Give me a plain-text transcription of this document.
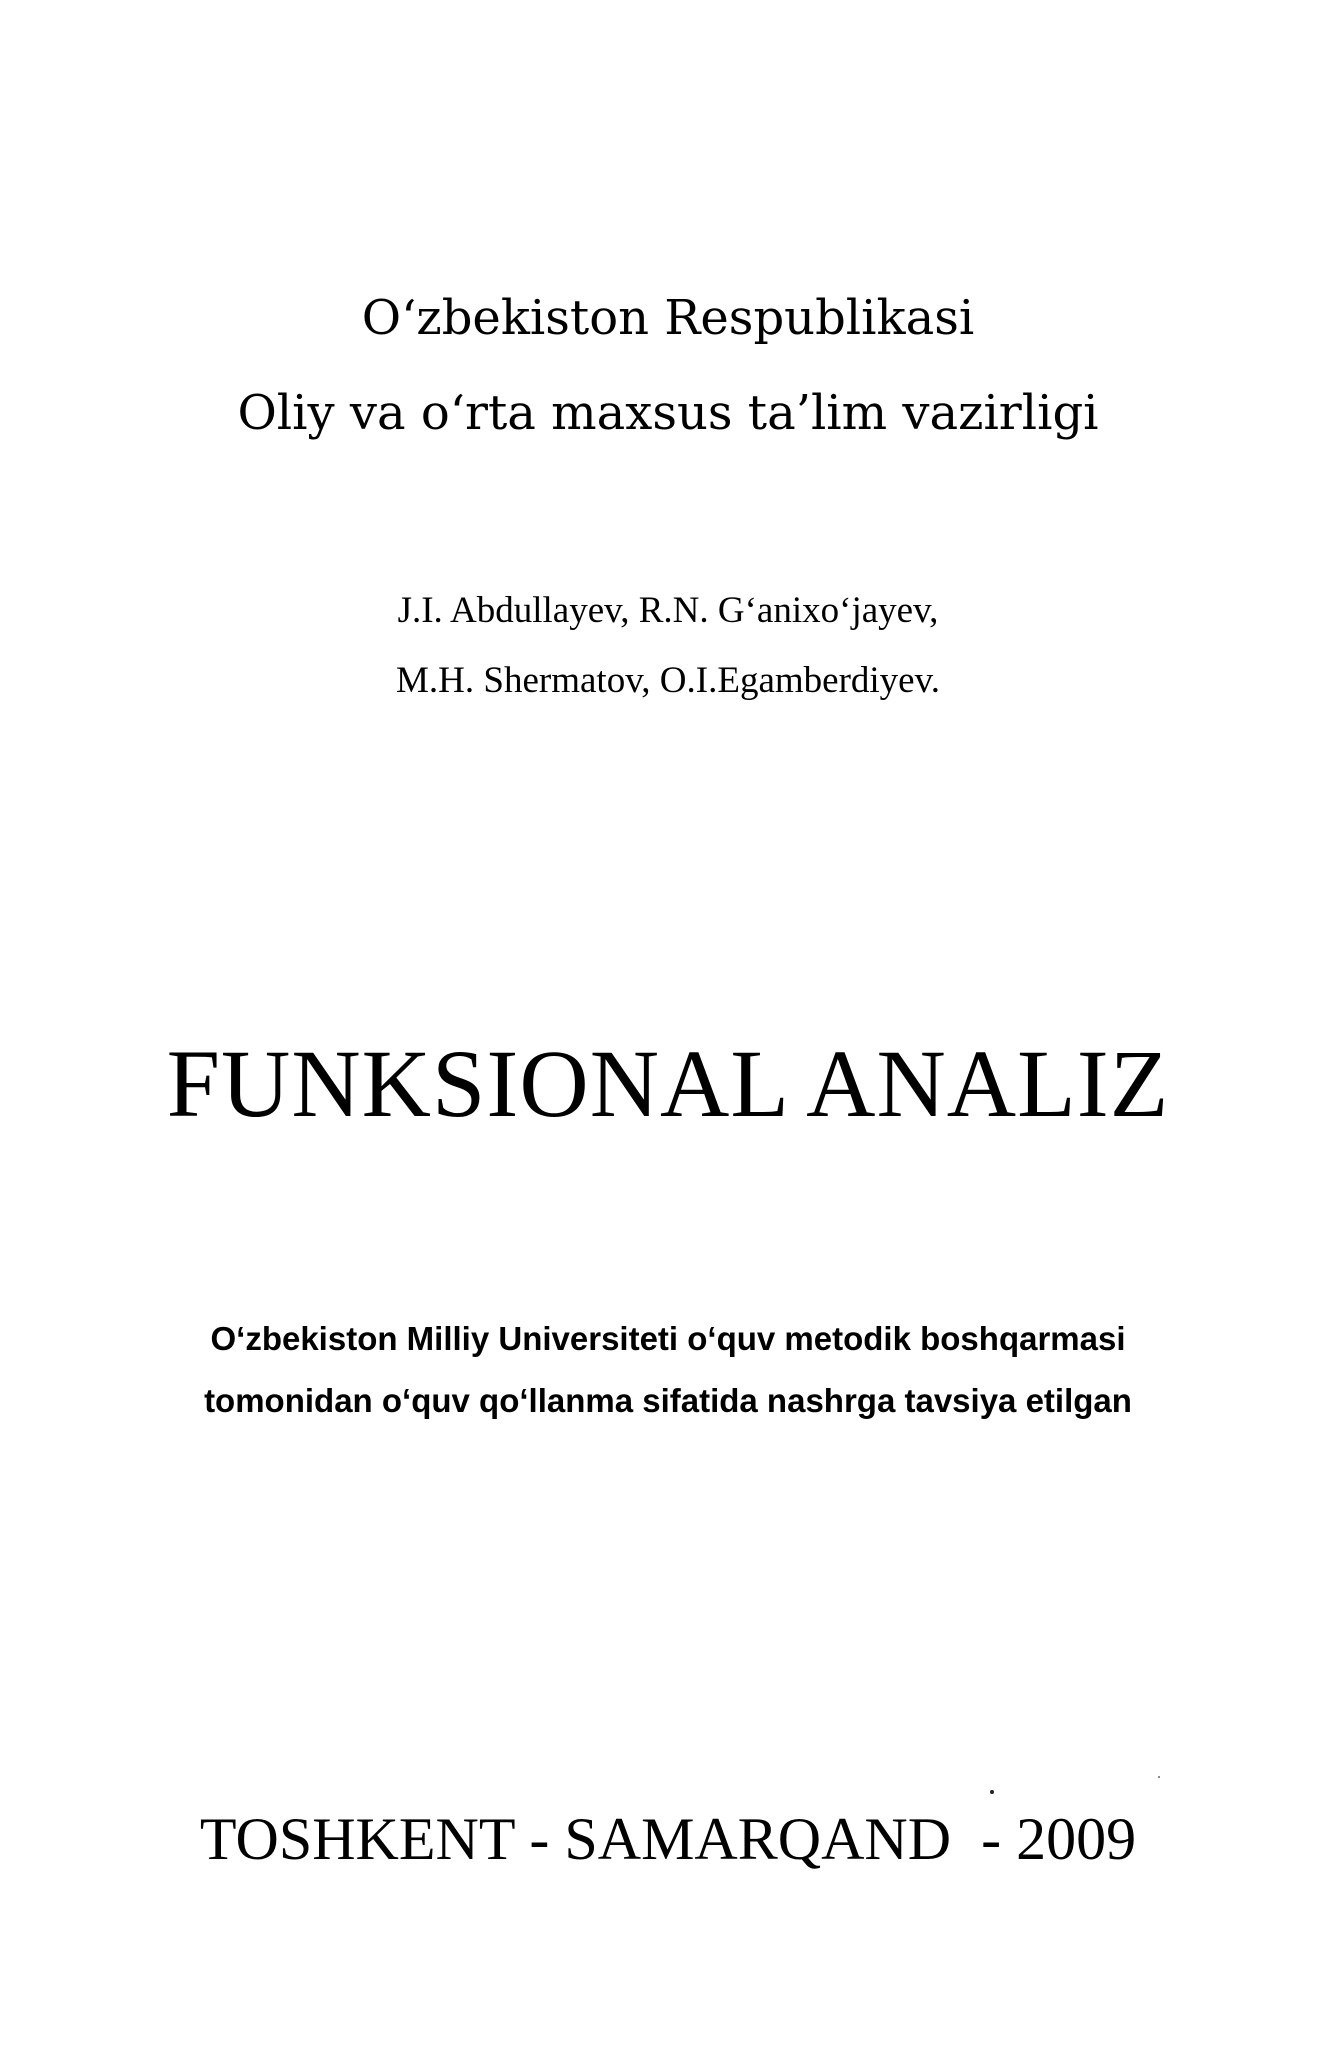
O‘zbekiston Respublikasi
Oliy va o‘rta maxsus ta’lim vazirligi
J.I. Abdullayev, R.N. G‘anixo‘jayev,
M.H. Shermatov, O.I.Egamberdiyev.
FUNKSIONAL ANALIZ
O‘zbekiston Milliy Universiteti o‘quv metodik boshqarmasi
tomonidan o‘quv qo‘llanma sifatida nashrga tavsiya etilgan
TOSHKENT - SAMARQAND  - 2009
